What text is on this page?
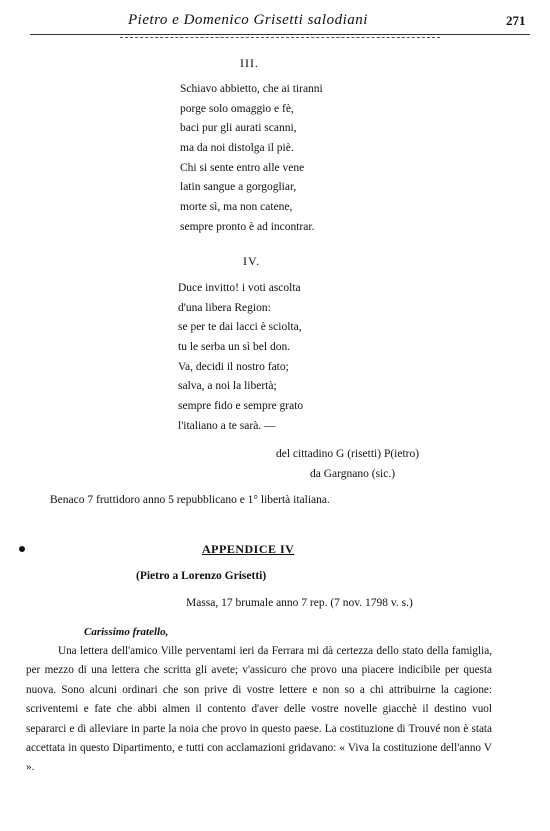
Pietro e Domenico Grisetti salodiani	271
III.
Schiavo abbietto, che ai tiranni
porge solo omaggio e fè,
baci pur gli aurati scanni,
ma da noi distolga il piè.
Chi si sente entro alle vene
latin sangue a gorgogliar,
morte sì, ma non catene,
sempre pronto è ad incontrar.
IV.
Duce invitto! i voti ascolta
d'una libera Region:
se per te dai lacci è sciolta,
tu le serba un sì bel don.
Va, decidi il nostro fato;
salva, a noi la libertà;
sempre fido e sempre grato
l'italiano a te sarà. —
del cittadino G (risetti) P(ietro)
da Gargnano (sic.)
Benaco 7 fruttidoro anno 5 repubblicano e 1° libertà italiana.
APPENDICE IV
(Pietro a Lorenzo Grisetti)
Massa, 17 brumale anno 7 rep. (7 nov. 1798 v. s.)
Carissimo fratello,

Una lettera dell'amico Ville perventami ieri da Ferrara mi dà certezza dello stato della famiglia, per mezzo di una lettera che scritta gli avete; v'assicuro che provo una piacere indicibile per questa nuova. Sono alcuni ordinari che son prive di vostre lettere e non so a chi attribuirne la cagione: scriventemi e fate che abbi almen il contento d'aver delle vostre novelle giacchè il destino vuol separarci e di alleviare in parte la noia che provo in questo paese. La costituzione di Trouvé non è stata accettata in questo Dipartimento, e tutti con acclamazioni gridavano: « Viva la costituzione dell'anno V ».
